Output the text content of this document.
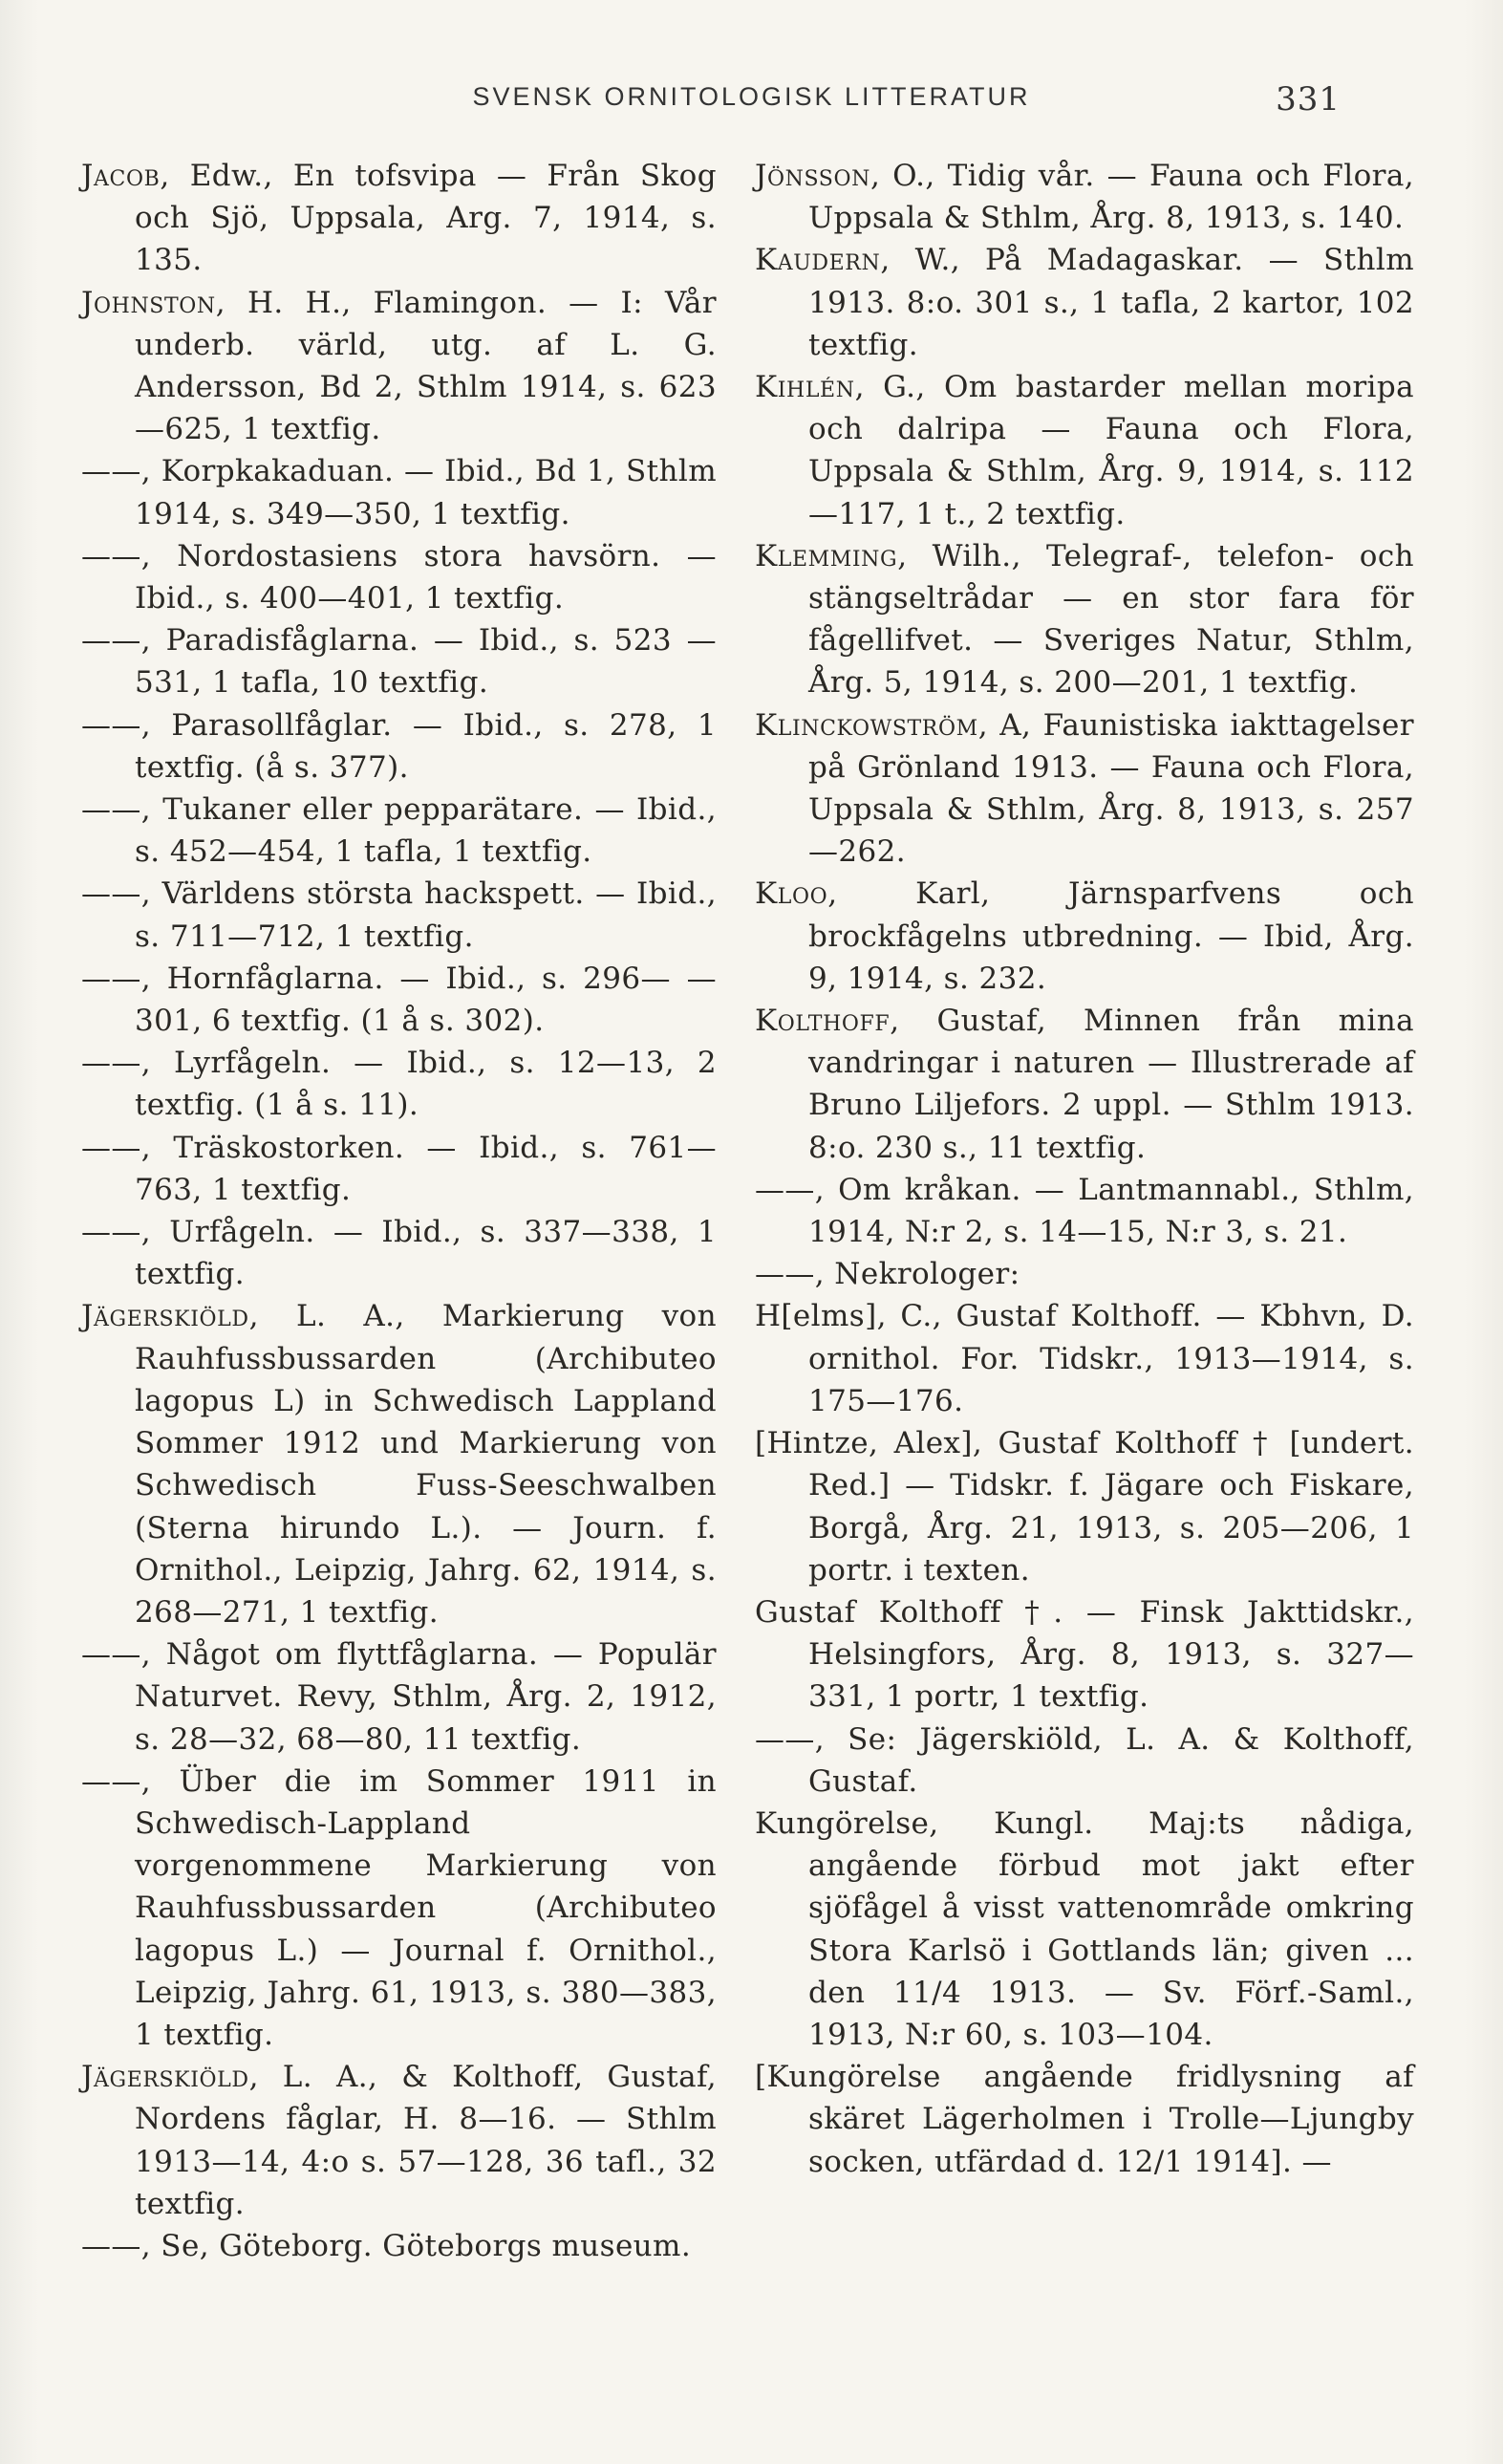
SVENSK ORNITOLOGISK LITTERATUR	331

Jacob, Edw., En tofsvipa — Från Skog och Sjö, Uppsala, Arg. 7, 1914, s. 135.

Johnston, H. H., Flamingon. — I: Vår underb. värld, utg. af L. G. Andersson, Bd 2, Sthlm 1914, s. 623 —625, 1 textfig.

——, Korpkakaduan. — Ibid., Bd 1, Sthlm 1914, s. 349—350, 1 textfig.

——, Nordostasiens stora havsörn. — Ibid., s. 400—401, 1 textfig.

——, Paradisfåglarna. — Ibid., s. 523 —531, 1 tafla, 10 textfig.

——, Parasollfåglar. — Ibid., s. 278, 1 textfig. (å s. 377).

——, Tukaner eller pepparätare. — Ibid., s. 452—454, 1 tafla, 1 textfig.

——, Världens största hackspett. — Ibid., s. 711—712, 1 textfig.

——, Hornfåglarna. — Ibid., s. 296— —301, 6 textfig. (1 å s. 302).

——, Lyrfågeln. — Ibid., s. 12—13, 2 textfig. (1 å s. 11).

——, Träskostorken. — Ibid., s. 761— 763, 1 textfig.

——, Urfågeln. — Ibid., s. 337—338, 1 textfig.

Jägerskiöld, L. A., Markierung von Rauhfussbussarden (Archibuteo lagopus L) in Schwedisch Lappland Sommer 1912 und Markierung von Schwedisch Fuss-Seeschwalben (Sterna hirundo L.). — Journ. f. Ornithol., Leipzig, Jahrg. 62, 1914, s. 268—271, 1 textfig.

——, Något om flyttfåglarna. — Populär Naturvet. Revy, Sthlm, Årg. 2, 1912, s. 28—32, 68—80, 11 textfig.

——, Über die im Sommer 1911 in Schwedisch-Lappland vorgenommene Markierung von Rauhfussbussarden (Archibuteo lagopus L.) — Journal f. Ornithol., Leipzig, Jahrg. 61, 1913, s. 380—383, 1 textfig.

Jägerskiöld, L. A., & Kolthoff, Gustaf, Nordens fåglar, H. 8—16. — Sthlm 1913—14, 4:o s. 57—128, 36 tafl., 32 textfig.

——, Se, Göteborg. Göteborgs museum.

Jönsson, O., Tidig vår. — Fauna och Flora, Uppsala & Sthlm, Årg. 8, 1913, s. 140.

Kaudern, W., På Madagaskar. — Sthlm 1913. 8:o. 301 s., 1 tafla, 2 kartor, 102 textfig.

Kihlén, G., Om bastarder mellan moripa och dalripa — Fauna och Flora, Uppsala & Sthlm, Årg. 9, 1914, s. 112—117, 1 t., 2 textfig.

Klemming, Wilh., Telegraf-, telefon- och stängseltrådar — en stor fara för fågellifvet. — Sveriges Natur, Sthlm, Årg. 5, 1914, s. 200—201, 1 textfig.

Klinckowström, A, Faunistiska iakttagelser på Grönland 1913. — Fauna och Flora, Uppsala & Sthlm, Årg. 8, 1913, s. 257—262.

Kloo, Karl, Järnsparfvens och brockfågelns utbredning. — Ibid, Årg. 9, 1914, s. 232.

Kolthoff, Gustaf, Minnen från mina vandringar i naturen — Illustrerade af Bruno Liljefors. 2 uppl. — Sthlm 1913. 8:o. 230 s., 11 textfig.

——, Om kråkan. — Lantmannabl., Sthlm, 1914, N:r 2, s. 14—15, N:r 3, s. 21.

——, Nekrologer:

H[elms], C., Gustaf Kolthoff. — Kbhvn, D. ornithol. For. Tidskr., 1913—1914, s. 175—176.

[Hintze, Alex], Gustaf Kolthoff † [undert. Red.] — Tidskr. f. Jägare och Fiskare, Borgå, Årg. 21, 1913, s. 205—206, 1 portr. i texten.

Gustaf Kolthoff †. — Finsk Jakttidskr., Helsingfors, Årg. 8, 1913, s. 327— 331, 1 portr, 1 textfig.

——, Se: Jägerskiöld, L. A. & Kolthoff, Gustaf.

Kungörelse, Kungl. Maj:ts nådiga, angående förbud mot jakt efter sjöfågel å visst vattenområde omkring Stora Karlsö i Gottlands län; given ... den 11/4 1913. — Sv. Förf.-Saml., 1913, N:r 60, s. 103—104.

[Kungörelse angående fridlysning af skäret Lägerholmen i Trolle—Ljungby socken, utfärdad d. 12/1 1914]. —
